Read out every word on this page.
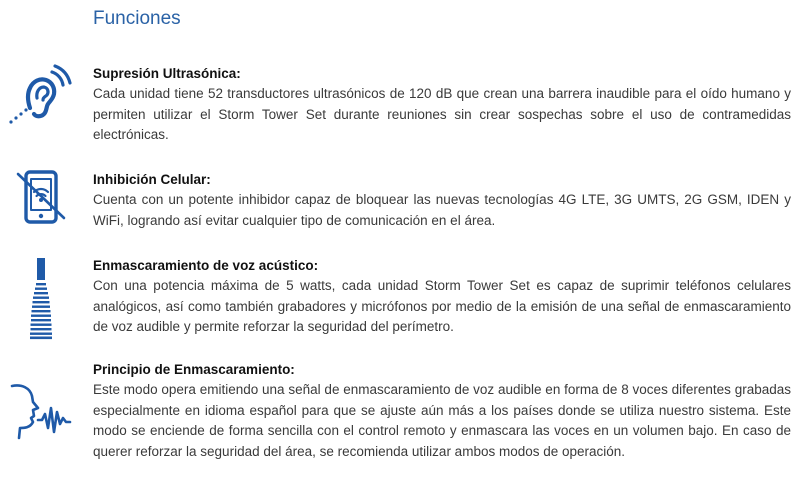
Funciones
Supresión Ultrasónica:

Cada unidad tiene 52 transductores ultrasónicos de 120 dB que crean una barrera inaudible para el oído humano y permiten utilizar el Storm Tower Set durante reuniones sin crear sospechas sobre el uso de contramedidas electrónicas.

Inhibición Celular:

Cuenta con un potente inhibidor capaz de bloquear las nuevas tecnologías 4G LTE, 3G UMTS, 2G GSM, IDEN y WiFi, logrando así evitar cualquier tipo de comunicación en el área.

Enmascaramiento de voz acústico:

Con una potencia máxima de 5 watts, cada unidad Storm Tower Set es capaz de suprimir teléfonos celulares analógicos, así como también grabadores y micrófonos por medio de la emisión de una señal de enmascaramiento de voz audible y permite reforzar la seguridad del perímetro.

Principio de Enmascaramiento:

Este modo opera emitiendo una señal de enmascaramiento de voz audible en forma de 8 voces diferentes grabadas especialmente en idioma español para que se ajuste aún más a los países donde se utiliza nuestro sistema. Este modo se enciende de forma sencilla con el control remoto y enmascara las voces en un volumen bajo. En caso de querer reforzar la seguridad del área, se recomienda utilizar ambos modos de operación.
